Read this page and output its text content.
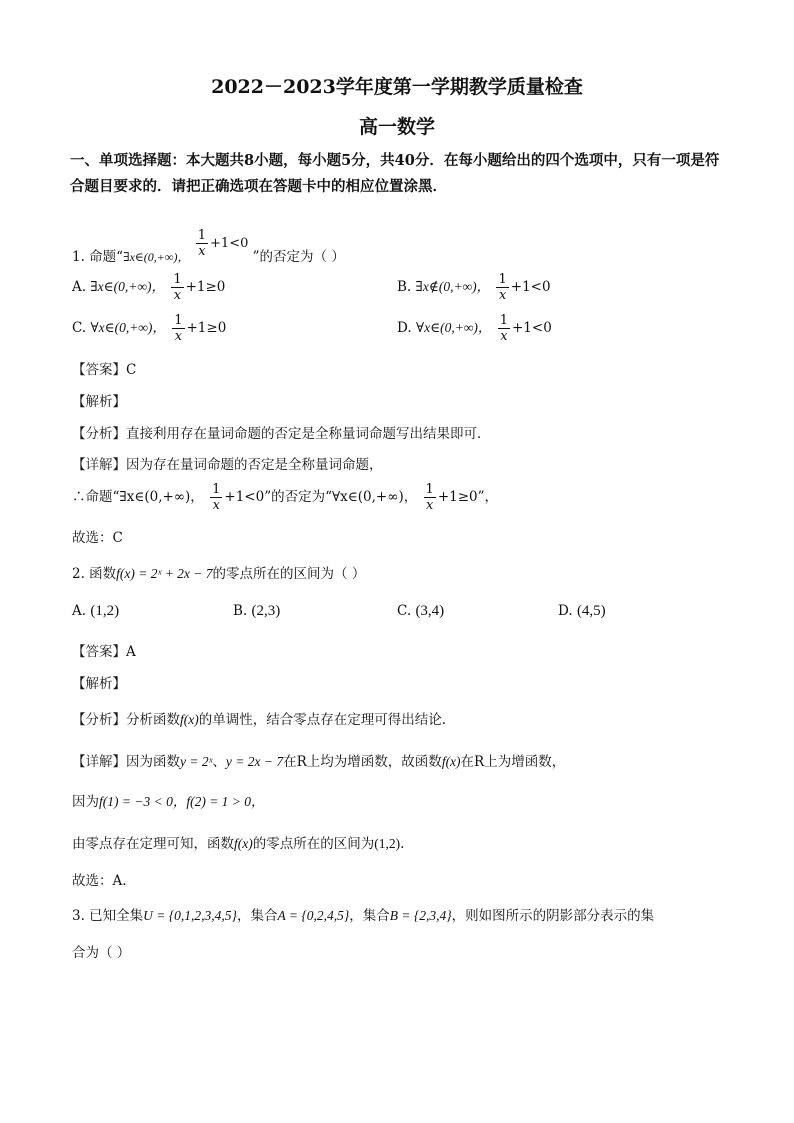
2022－2023学年度第一学期教学质量检查
高一数学
一、单项选择题：本大题共8小题，每小题5分，共40分．在每小题给出的四个选项中，只有一项是符合题目要求的．请把正确选项在答题卡中的相应位置涂黑．
1. 命题“∃x∈(0,+∞)， $\frac{1}{x} +1<0$ ”的否定为（ ）
A. ∃x∈(0,+∞)， $\frac{1}{x} +1\ge 0$	B. ∃x∉(0,+∞)， $\frac{1}{x} +1<0$
C. ∀x∈(0,+∞)， $\frac{1}{x} +1\ge 0$	D. ∀x∈(0,+∞)， $\frac{1}{x} +1<0$
【答案】C
【解析】
【分析】直接利用存在量词命题的否定是全称量词命题写出结果即可．
【详解】因为存在量词命题的否定是全称量词命题，
∴命题“∃x∈(0,+∞)， $\frac{1}{x} +1<0$”的否定为“∀x∈(0,+∞)， $\frac{1}{x} +1\ge 0$”，
故选：C
2. 函数f(x) = 2ˣ + 2x − 7的零点所在的区间为（ ）
A. (1,2)	B. (2,3)	C. (3,4)	D. (4,5)
【答案】A
【解析】
【分析】分析函数f(x)的单调性，结合零点存在定理可得出结论.
【详解】因为函数y = 2ˣ、y = 2x − 7在R上均为增函数，故函数f(x)在R上为增函数，
因为f(1) = −3 < 0，f(2) = 1 > 0，
由零点存在定理可知，函数f(x)的零点所在的区间为(1,2).
故选：A.
3. 已知全集U = {0,1,2,3,4,5}，集合A = {0,2,4,5}，集合B = {2,3,4}，则如图所示的阴影部分表示的集
合为（ ）
